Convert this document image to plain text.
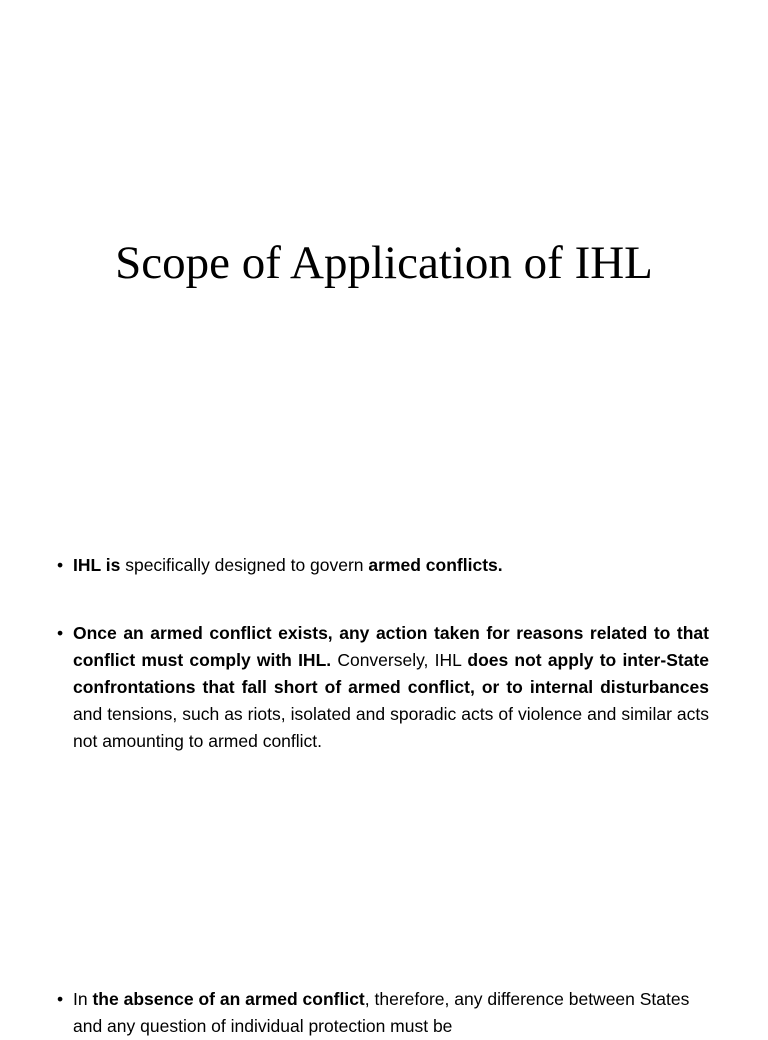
Scope of Application of IHL
• IHL is specifically designed to govern armed conflicts.
• Once an armed conflict exists, any action taken for reasons related to that conflict must comply with IHL. Conversely, IHL does not apply to inter-State confrontations that fall short of armed conflict, or to internal disturbances and tensions, such as riots, isolated and sporadic acts of violence and similar acts not amounting to armed conflict.
• In the absence of an armed conflict, therefore, any difference between States and any question of individual protection must be
